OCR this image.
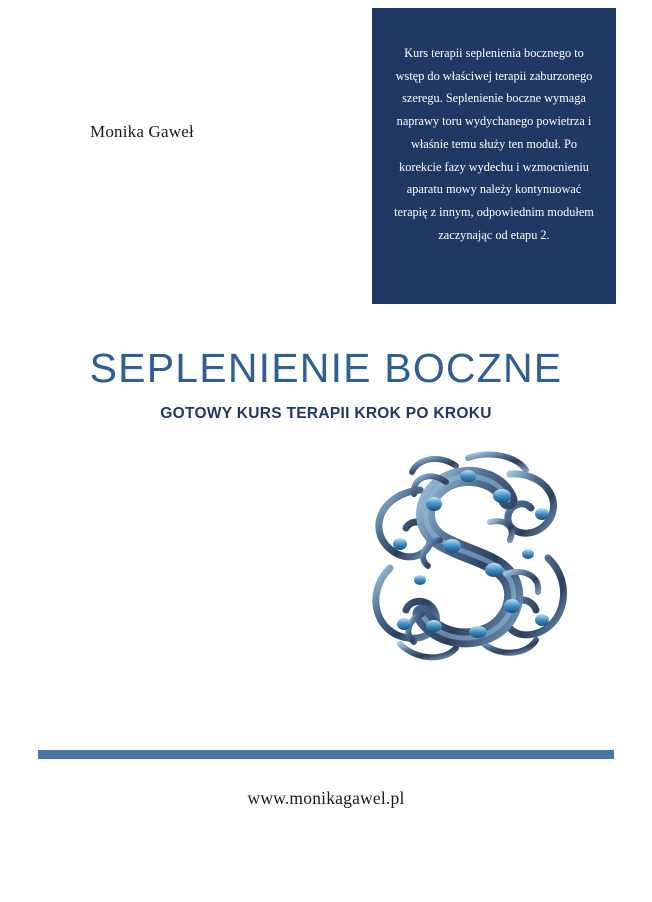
Kurs terapii seplenienia bocznego to wstęp do właściwej terapii zaburzonego szeregu. Seplenienie boczne wymaga naprawy toru wydychanego powietrza i właśnie temu służy ten moduł. Po korekcie fazy wydechu i wzmocnieniu aparatu mowy należy kontynuować terapię z innym, odpowiednim modułem zaczynając od etapu 2.

Monika Gaweł
SEPLENIENIE BOCZNE
GOTOWY KURS TERAPII KROK PO KROKU
www.monikagawel.pl
